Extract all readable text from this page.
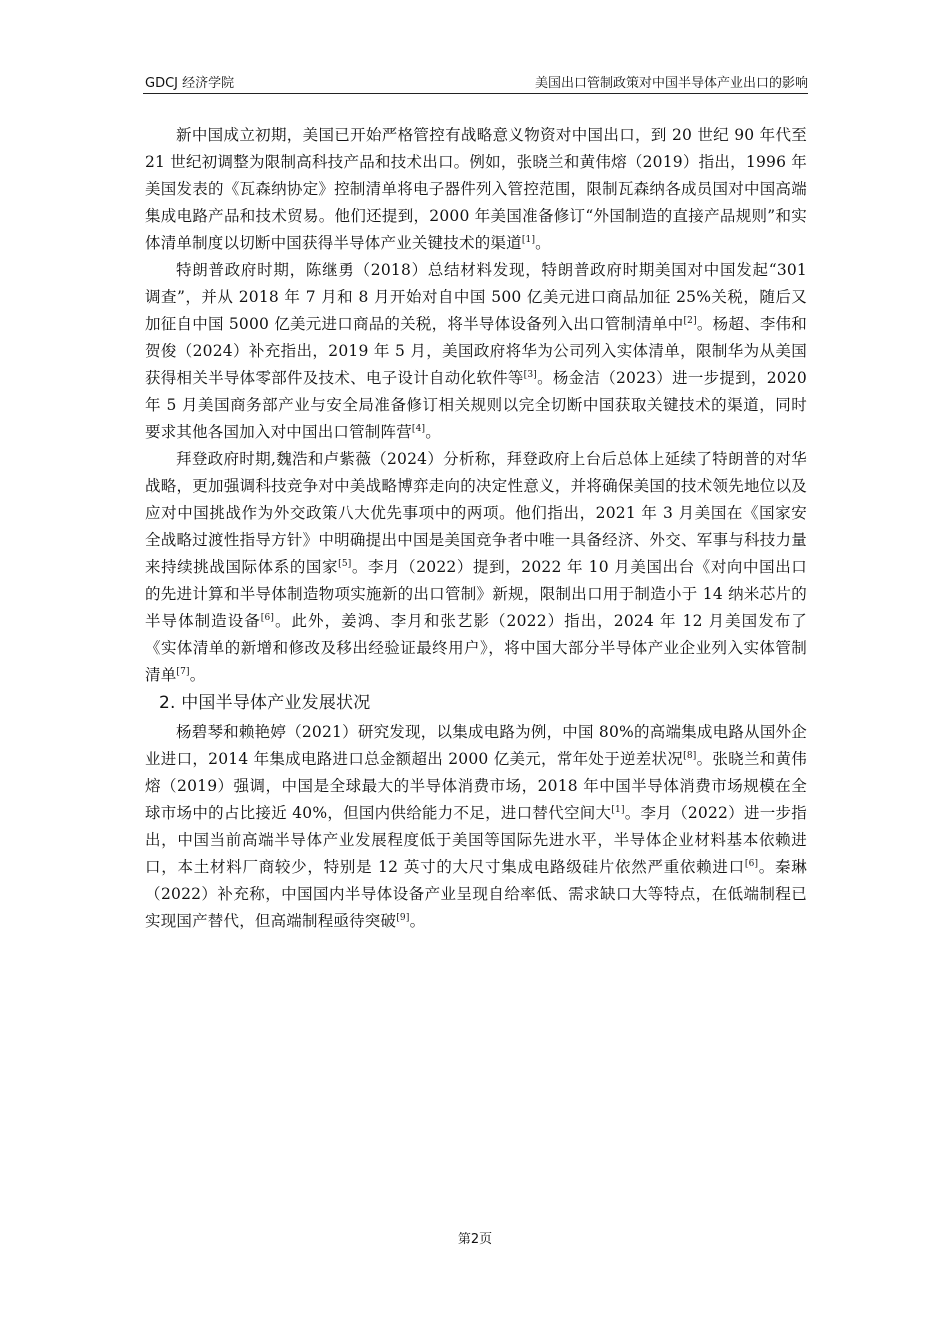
GDCJ 经济学院	美国出口管制政策对中国半导体产业出口的影响

新中国成立初期，美国已开始严格管控有战略意义物资对中国出口，到 20 世纪 90 年代至 21 世纪初调整为限制高科技产品和技术出口。例如，张晓兰和黄伟熔（2019）指出，1996 年美国发表的《瓦森纳协定》控制清单将电子器件列入管控范围，限制瓦森纳各成员国对中国高端集成电路产品和技术贸易。他们还提到，2000 年美国准备修订“外国制造的直接产品规则”和实体清单制度以切断中国获得半导体产业关键技术的渠道[1]。

特朗普政府时期，陈继勇（2018）总结材料发现，特朗普政府时期美国对中国发起“301 调查”，并从 2018 年 7 月和 8 月开始对自中国 500 亿美元进口商品加征 25%关税，随后又加征自中国 5000 亿美元进口商品的关税，将半导体设备列入出口管制清单中[2]。杨超、李伟和贺俊（2024）补充指出，2019 年 5 月，美国政府将华为公司列入实体清单，限制华为从美国获得相关半导体零部件及技术、电子设计自动化软件等[3]。杨金洁（2023）进一步提到，2020 年 5 月美国商务部产业与安全局准备修订相关规则以完全切断中国获取关键技术的渠道，同时要求其他各国加入对中国出口管制阵营[4]。

拜登政府时期,魏浩和卢紫薇（2024）分析称，拜登政府上台后总体上延续了特朗普的对华战略，更加强调科技竞争对中美战略博弈走向的决定性意义，并将确保美国的技术领先地位以及应对中国挑战作为外交政策八大优先事项中的两项。他们指出，2021 年 3 月美国在《国家安全战略过渡性指导方针》中明确提出中国是美国竞争者中唯一具备经济、外交、军事与科技力量来持续挑战国际体系的国家[5]。李月（2022）提到，2022 年 10 月美国出台《对向中国出口的先进计算和半导体制造物项实施新的出口管制》新规，限制出口用于制造小于 14 纳米芯片的半导体制造设备[6]。此外，姜鸿、李月和张艺影（2022）指出，2024 年 12 月美国发布了《实体清单的新增和修改及移出经验证最终用户》，将中国大部分半导体产业企业列入实体管制清单[7]。

2. 中国半导体产业发展状况

杨碧琴和赖艳婷（2021）研究发现，以集成电路为例，中国 80%的高端集成电路从国外企业进口，2014 年集成电路进口总金额超出 2000 亿美元，常年处于逆差状况[8]。张晓兰和黄伟熔（2019）强调，中国是全球最大的半导体消费市场，2018 年中国半导体消费市场规模在全球市场中的占比接近 40%，但国内供给能力不足，进口替代空间大[1]。李月（2022）进一步指出，中国当前高端半导体产业发展程度低于美国等国际先进水平，半导体企业材料基本依赖进口，本土材料厂商较少，特别是 12 英寸的大尺寸集成电路级硅片依然严重依赖进口[6]。秦琳（2022）补充称，中国国内半导体设备产业呈现自给率低、需求缺口大等特点，在低端制程已实现国产替代，但高端制程亟待突破[9]。

第2页
